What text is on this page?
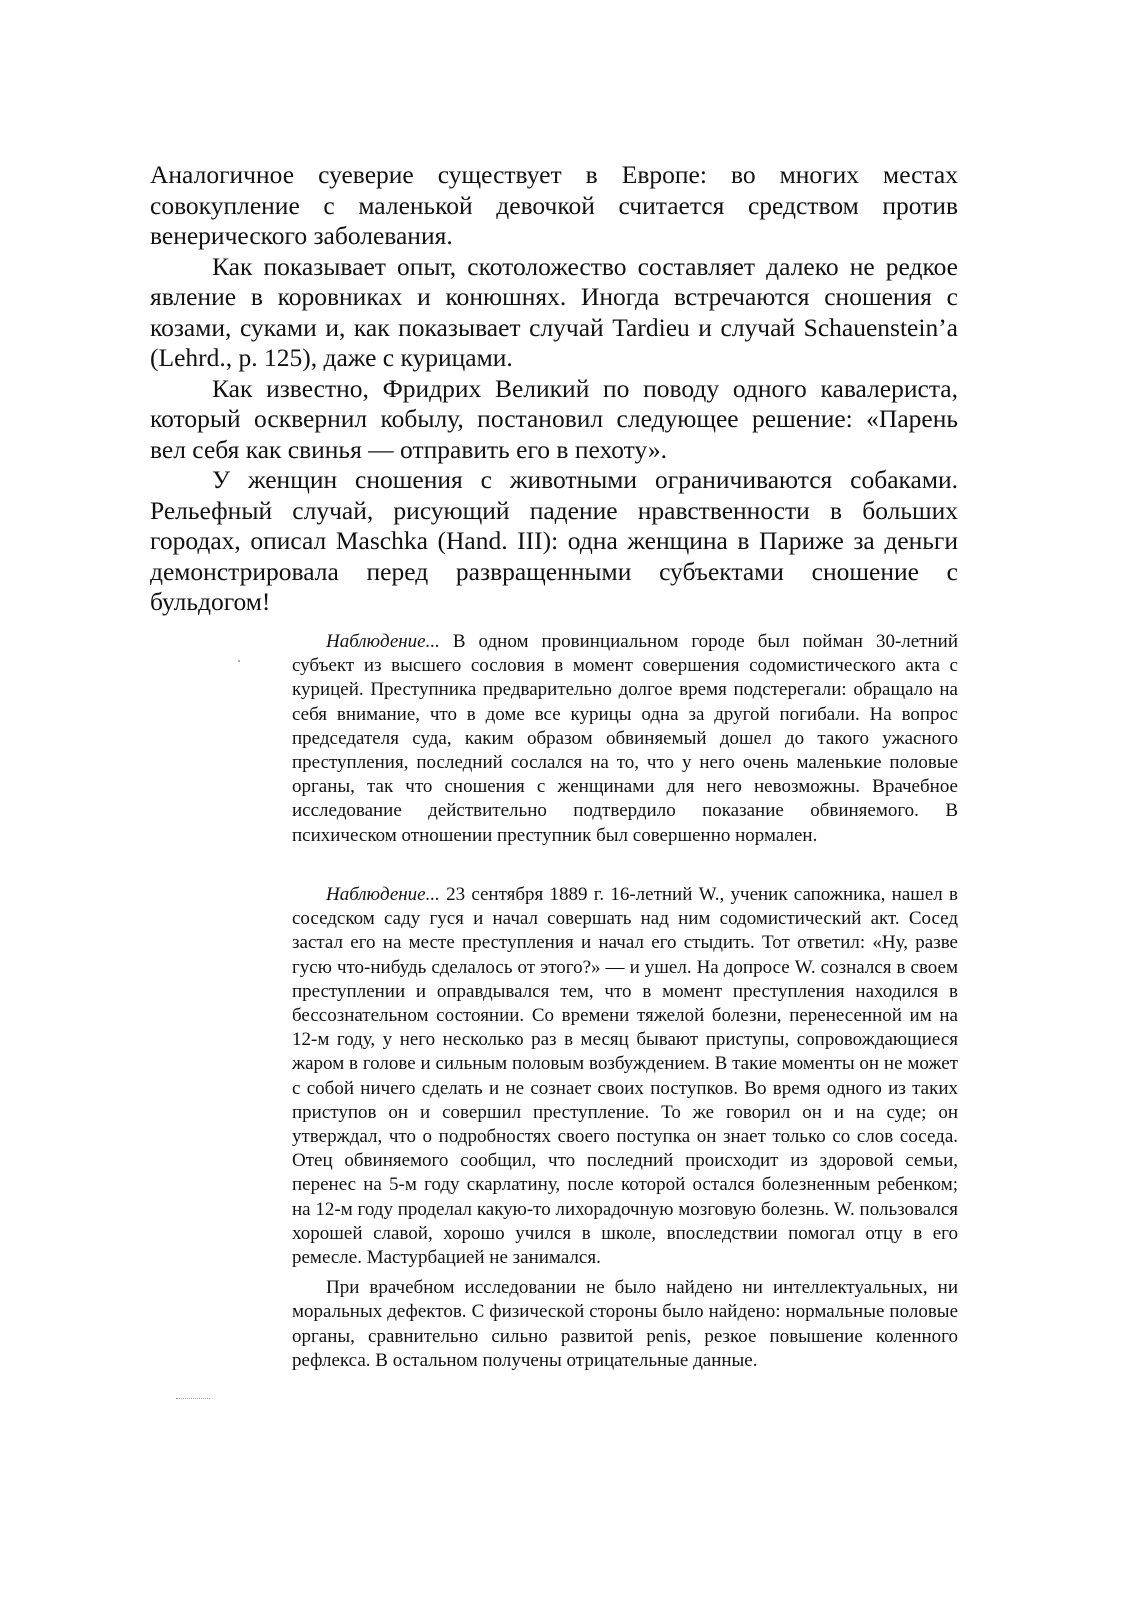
Аналогичное суеверие существует в Европе: во многих местах совокупление с маленькой девочкой считается средством против венерического заболевания.

Как показывает опыт, скотоложество составляет далеко не редкое явление в коровниках и конюшнях. Иногда встречаются сношения с козами, суками и, как показывает случай Tardieu и случай Schauenstein’a (Lehrd., р. 125), даже с курицами.

Как известно, Фридрих Великий по поводу одного кавалериста, который осквернил кобылу, постановил следующее решение: «Парень вел себя как свинья — отправить его в пехоту».

У женщин сношения с животными ограничиваются собаками. Рельефный случай, рисующий падение нравственности в больших городах, описал Maschka (Hand. III): одна женщина в Париже за деньги демонстрировала перед развращенными субъектами сношение с бульдогом!

Наблюдение... В одном провинциальном городе был пойман 30-летний субъект из высшего сословия в момент совершения содомистического акта с курицей. Преступника предварительно долгое время подстерегали: обращало на себя внимание, что в доме все курицы одна за другой погибали. На вопрос председателя суда, каким образом обвиняемый дошел до такого ужасного преступления, последний сослался на то, что у него очень маленькие половые органы, так что сношения с женщинами для него невозможны. Врачебное исследование действительно подтвердило показание обвиняемого. В психическом отношении преступник был совершенно нормален.

Наблюдение... 23 сентября 1889 г. 16-летний W., ученик сапожника, нашел в соседском саду гуся и начал совершать над ним содомистический акт. Сосед застал его на месте преступления и начал его стыдить. Тот ответил: «Ну, разве гусю что-нибудь сделалось от этого?» — и ушел. На допросе W. сознался в своем преступлении и оправдывался тем, что в момент преступления находился в бессознательном состоянии. Со времени тяжелой болезни, перенесенной им на 12-м году, у него несколько раз в месяц бывают приступы, сопровождающиеся жаром в голове и сильным половым возбуждением. В такие моменты он не может с собой ничего сделать и не сознает своих поступков. Во время одного из таких приступов он и совершил преступление. То же говорил он и на суде; он утверждал, что о подробностях своего поступка он знает только со слов соседа. Отец обвиняемого сообщил, что последний происходит из здоровой семьи, перенес на 5-м году скарлатину, после которой остался болезненным ребенком; на 12-м году проделал какую-то лихорадочную мозговую болезнь. W. пользовался хорошей славой, хорошо учился в школе, впоследствии помогал отцу в его ремесле. Мастурбацией не занимался.

При врачебном исследовании не было найдено ни интеллектуальных, ни моральных дефектов. С физической стороны было найдено: нормальные половые органы, сравнительно сильно развитой penis, резкое повышение коленного рефлекса. В остальном получены отрицательные данные.
